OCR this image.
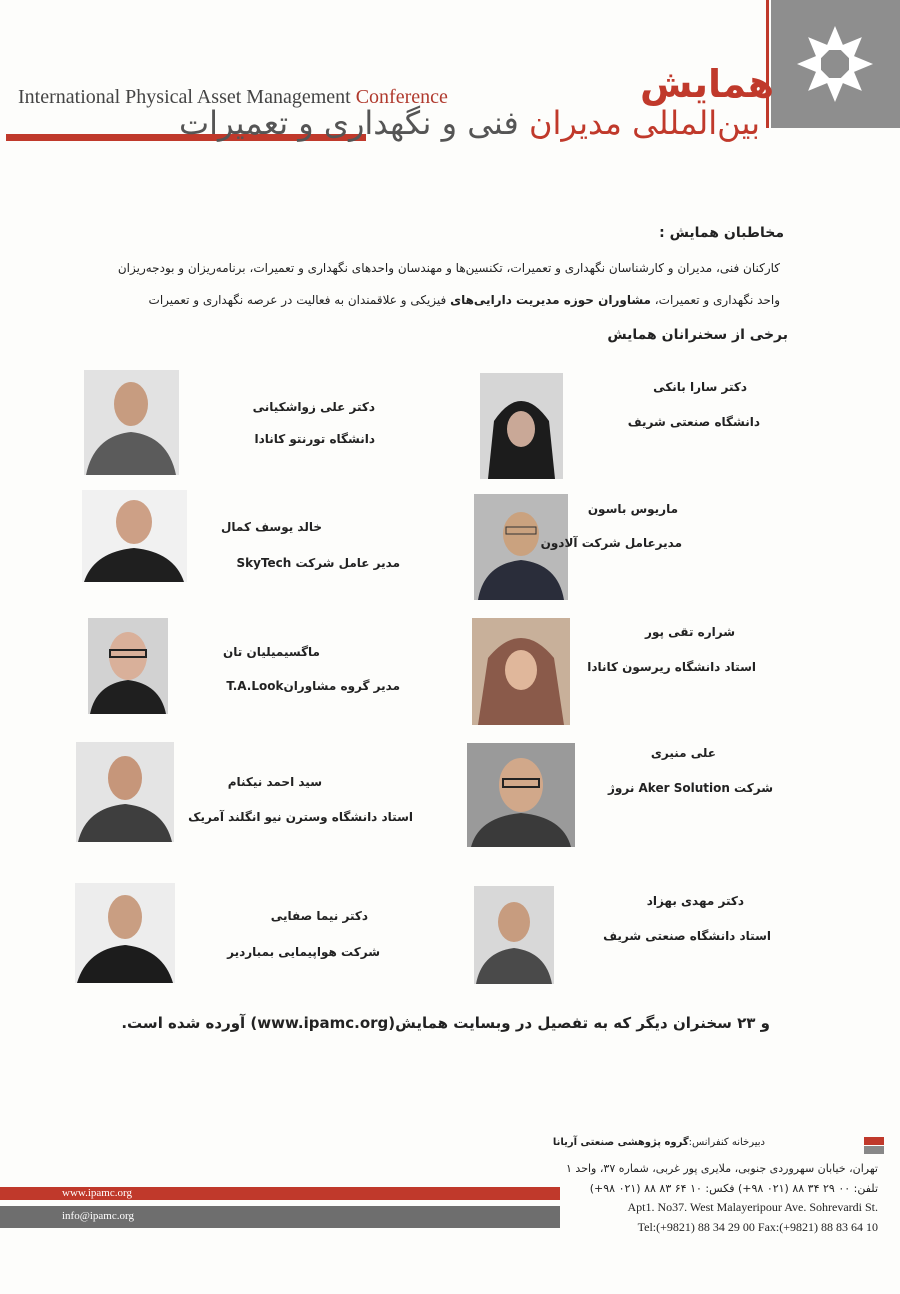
International Physical Asset Management Conference	همایش
بین‌المللی مدیران فنی و نگهداری و تعمیرات
مخاطبان همایش :
کارکنان فنی، مدیران و کارشناسان نگهداری و تعمیرات، تکنسین‌ها و مهندسان واحدهای نگهداری و تعمیرات، برنامه‌ریزان و بودجه‌ریزان
واحد نگهداری و تعمیرات، مشاوران حوزه مدیریت دارایی‌های فیزیکی و علاقمندان به فعالیت در عرصه نگهداری و تعمیرات
برخی از سخنرانان همایش
دکتر سارا بانکی
دانشگاه صنعتی شریف
ماریوس باسون
مدیرعامل شرکت آلادون
شراره تقی پور
استاد دانشگاه ریرسون کانادا
علی منیری
شرکت Aker Solution نروژ
دکتر مهدی بهزاد
استاد دانشگاه صنعتی شریف
دکتر علی زواشکیانی
دانشگاه تورنتو کانادا
خالد یوسف کمال
مدیر عامل شرکت SkyTech
ماگسیمیلیان تان
مدیر گروه مشاورانT.A.Look
سید احمد نیکنام
استاد دانشگاه وسترن نیو انگلند آمریک
دکتر نیما صفایی
شرکت هواپیمایی بمباردیر
و ۲۳ سخنران دیگر که به تفصیل در وبسایت همایش(www.ipamc.org) آورده شده است.
دبیرخانه کنفرانس:گروه پژوهشی صنعتی آریانا
تهران، خیابان سهروردی جنوبی، ملایری پور غربی، شماره ۳۷، واحد ۱
تلفن: ۰۰ ۲۹ ۳۴ ۸۸ (۰۲۱ ۹۸+) فکس: ۱۰ ۶۴ ۸۳ ۸۸ (۰۲۱ ۹۸+)
Apt1. No37. West Malayeripour Ave. Sohrevardi St.
Tel:(+9821) 88 34 29 00 Fax:(+9821) 88 83 64 10
www.ipamc.org
info@ipamc.org
